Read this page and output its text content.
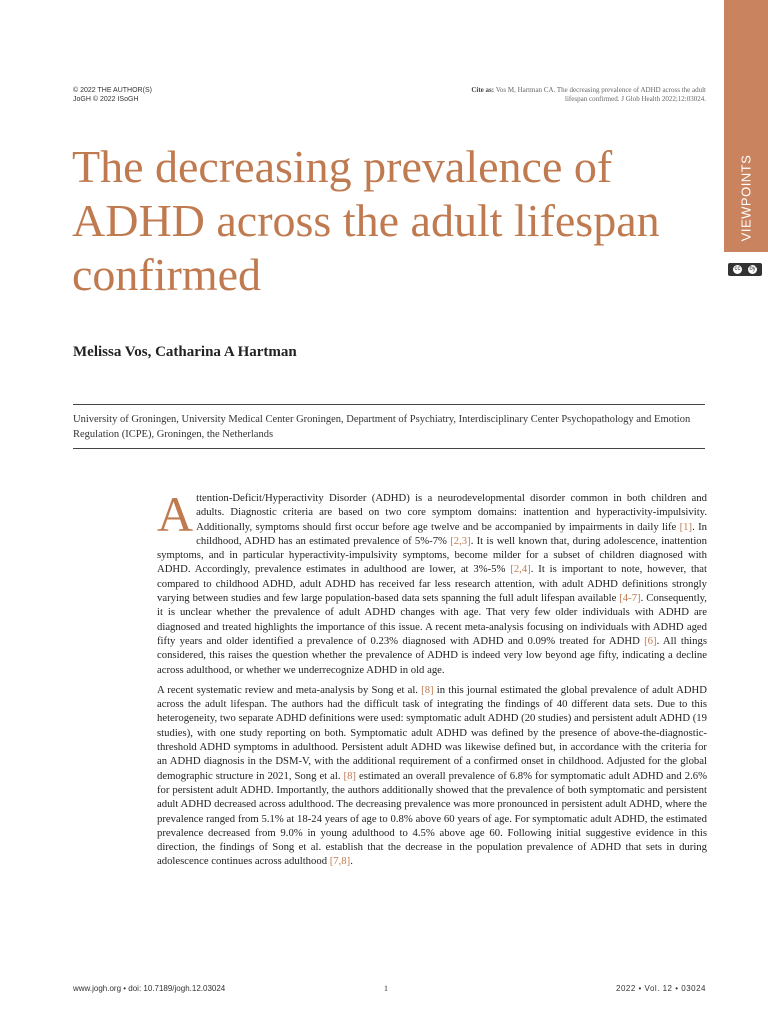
VIEWPOINTS
cc by
© 2022 THE AUTHOR(S)
JoGH © 2022 ISoGH
Cite as: Vos M, Hartman CA. The decreasing prevalence of ADHD across the adult lifespan confirmed. J Glob Health 2022;12:03024.
The decreasing prevalence of ADHD across the adult lifespan confirmed
Melissa Vos, Catharina A Hartman
University of Groningen, University Medical Center Groningen, Department of Psychiatry, Interdisciplinary Center Psychopathology and Emotion Regulation (ICPE), Groningen, the Netherlands

Attention-Deficit/Hyperactivity Disorder (ADHD) is a neurodevelopmental disorder common in both children and adults. Diagnostic criteria are based on two core symptom domains: inattention and hyperactivity-impulsivity. Additionally, symptoms should first occur before age twelve and be accompanied by impairments in daily life [1]. In childhood, ADHD has an estimated prevalence of 5%-7% [2,3]. It is well known that, during adolescence, inattention symptoms, and in particular hyperactivity-impulsivity symptoms, become milder for a subset of children diagnosed with ADHD. Accordingly, prevalence estimates in adulthood are lower, at 3%-5% [2,4]. It is important to note, however, that compared to childhood ADHD, adult ADHD has received far less research attention, with adult ADHD definitions strongly varying between studies and few large population-based data sets spanning the full adult lifespan available [4-7]. Consequently, it is unclear whether the prevalence of adult ADHD changes with age. That very few older individuals with ADHD are diagnosed and treated highlights the importance of this issue. A recent meta-analysis focusing on individuals with ADHD aged fifty years and older identified a prevalence of 0.23% diagnosed with ADHD and 0.09% treated for ADHD [6]. All things considered, this raises the question whether the prevalence of ADHD is indeed very low beyond age fifty, indicating a decline across adulthood, or whether we underrecognize ADHD in old age.

A recent systematic review and meta-analysis by Song et al. [8] in this journal estimated the global prevalence of adult ADHD across the adult lifespan. The authors had the difficult task of integrating the findings of 40 different data sets. Due to this heterogeneity, two separate ADHD definitions were used: symptomatic adult ADHD (20 studies) and persistent adult ADHD (19 studies), with one study reporting on both. Symptomatic adult ADHD was defined by the presence of above-the-diagnostic-threshold ADHD symptoms in adulthood. Persistent adult ADHD was likewise defined but, in accordance with the criteria for an ADHD diagnosis in the DSM-V, with the additional requirement of a confirmed onset in childhood. Adjusted for the global demographic structure in 2021, Song et al. [8] estimated an overall prevalence of 6.8% for symptomatic adult ADHD and 2.6% for persistent adult ADHD. Importantly, the authors additionally showed that the prevalence of both symptomatic and persistent adult ADHD decreased across adulthood. The decreasing prevalence was more pronounced in persistent adult ADHD, where the prevalence ranged from 5.1% at 18-24 years of age to 0.8% above 60 years of age. For symptomatic adult ADHD, the estimated prevalence decreased from 9.0% in young adulthood to 4.5% above age 60. Following initial suggestive evidence in this direction, the findings of Song et al. establish that the decrease in the population prevalence of ADHD that sets in during adolescence continues across adulthood [7,8].

www.jogh.org • doi: 10.7189/jogh.12.03024	1	2022 • Vol. 12 • 03024
